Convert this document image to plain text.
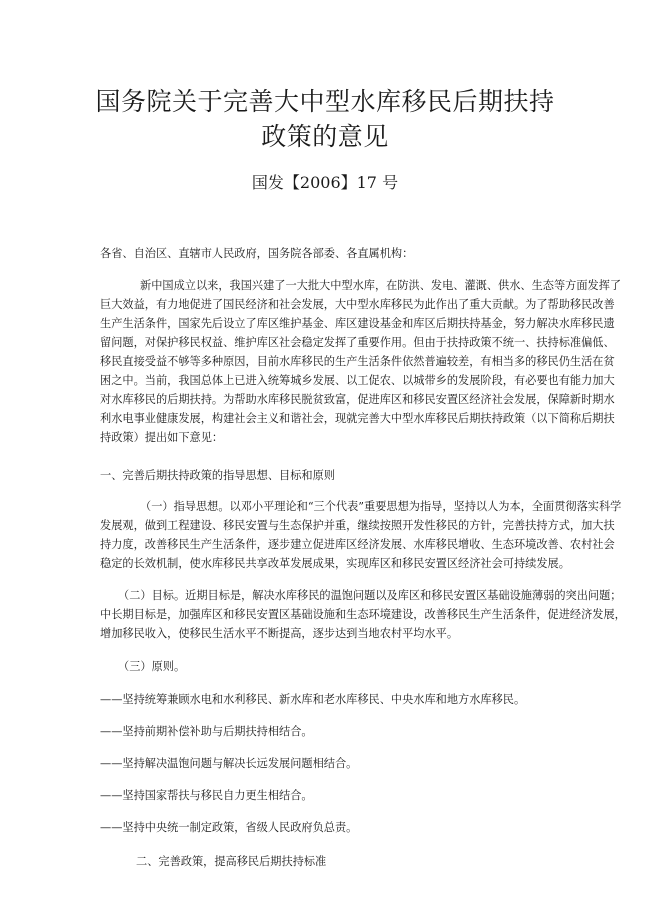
国务院关于完善大中型水库移民后期扶持
政策的意见
国发【2006】17 号
各省、自治区、直辖市人民政府，国务院各部委、各直属机构：
新中国成立以来，我国兴建了一大批大中型水库，在防洪、发电、灌溉、供水、生态等方面发挥了
巨大效益，有力地促进了国民经济和社会发展，大中型水库移民为此作出了重大贡献。为了帮助移民改善
生产生活条件，国家先后设立了库区维护基金、库区建设基金和库区后期扶持基金，努力解决水库移民遗
留问题，对保护移民权益、维护库区社会稳定发挥了重要作用。但由于扶持政策不统一、扶持标准偏低、
移民直接受益不够等多种原因，目前水库移民的生产生活条件依然普遍较差，有相当多的移民仍生活在贫
困之中。当前，我国总体上已进入统筹城乡发展、以工促农、以城带乡的发展阶段，有必要也有能力加大
对水库移民的后期扶持。为帮助水库移民脱贫致富，促进库区和移民安置区经济社会发展，保障新时期水
利水电事业健康发展，构建社会主义和谐社会，现就完善大中型水库移民后期扶持政策（以下简称后期扶
持政策）提出如下意见：
一、完善后期扶持政策的指导思想、目标和原则
（一）指导思想。以邓小平理论和“三个代表”重要思想为指导，坚持以人为本，全面贯彻落实科学
发展观，做到工程建设、移民安置与生态保护并重，继续按照开发性移民的方针，完善扶持方式，加大扶
持力度，改善移民生产生活条件，逐步建立促进库区经济发展、水库移民增收、生态环境改善、农村社会
稳定的长效机制，使水库移民共享改革发展成果，实现库区和移民安置区经济社会可持续发展。
（二）目标。近期目标是，解决水库移民的温饱问题以及库区和移民安置区基础设施薄弱的突出问题；
中长期目标是，加强库区和移民安置区基础设施和生态环境建设，改善移民生产生活条件，促进经济发展，
增加移民收入，使移民生活水平不断提高，逐步达到当地农村平均水平。
（三）原则。
——坚持统筹兼顾水电和水利移民、新水库和老水库移民、中央水库和地方水库移民。
——坚持前期补偿补助与后期扶持相结合。
——坚持解决温饱问题与解决长远发展问题相结合。
——坚持国家帮扶与移民自力更生相结合。
——坚持中央统一制定政策，省级人民政府负总责。
二、完善政策，提高移民后期扶持标准
